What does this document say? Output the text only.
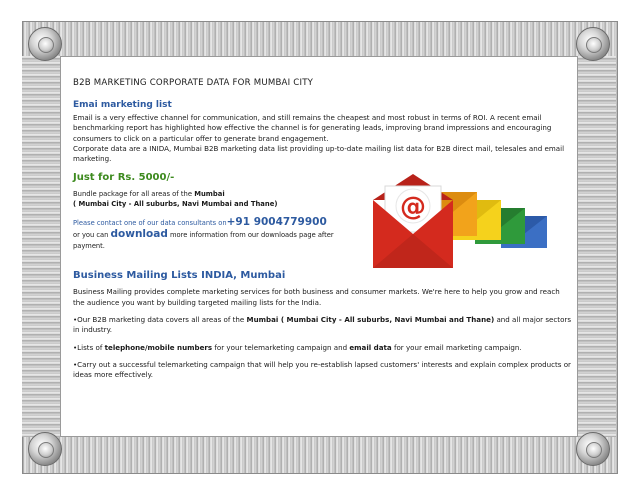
B2B MARKETING CORPORATE DATA FOR MUMBAI CITY

Emai marketing list

Email is a very effective channel for communication, and still remains the cheapest and most robust in terms of ROI. A recent email benchmarking report has highlighted how effective the channel is for generating leads, improving brand impressions and encouraging consumers to click on a particular offer to generate brand engagement.

Corporate data are a INIDA, Mumbai B2B marketing data list providing up-to-date mailing list data for B2B direct mail, telesales and email marketing.

Just for Rs. 5000/-

Bundle package for all areas of the Mumbai

( Mumbai City - All suburbs, Navi Mumbai and Thane)

Please contact one of our data consultants on+91 9004779900
or you can download more information from our downloads page after payment.

Business Mailing Lists INDIA, Mumbai

Business Mailing provides complete marketing services for both business and consumer markets. We're here to help you grow and reach the audience you want by building targeted mailing lists for the India.

•Our B2B marketing data covers all areas of the Mumbai ( Mumbai City - All suburbs, Navi Mumbai and Thane) and all major sectors in industry.

•Lists of telephone/mobile numbers for your telemarketing campaign and email data for your email marketing campaign.

•Carry out a successful telemarketing campaign that will help you re-establish lapsed customers' interests and explain complex products or ideas more effectively.

@
